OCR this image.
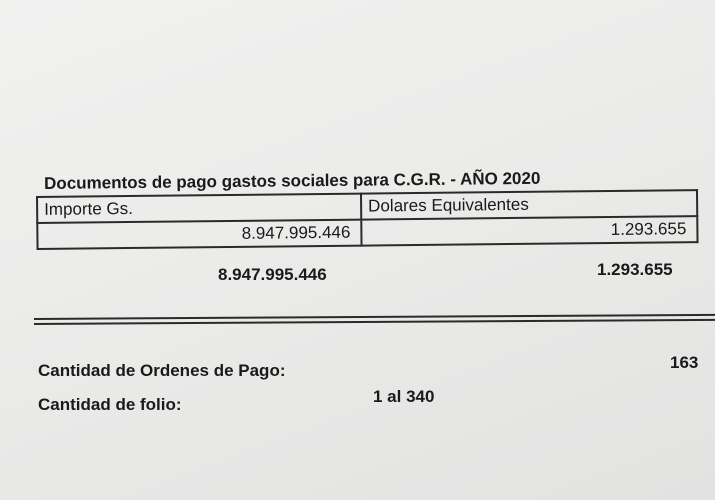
Documentos de pago gastos sociales para C.G.R. - AÑO 2020
Importe Gs.	Dolares Equivalentes
8.947.995.446	1.293.655
8.947.995.446	1.293.655
Cantidad de Ordenes de Pago:	163
Cantidad de folio:	1 al 340
